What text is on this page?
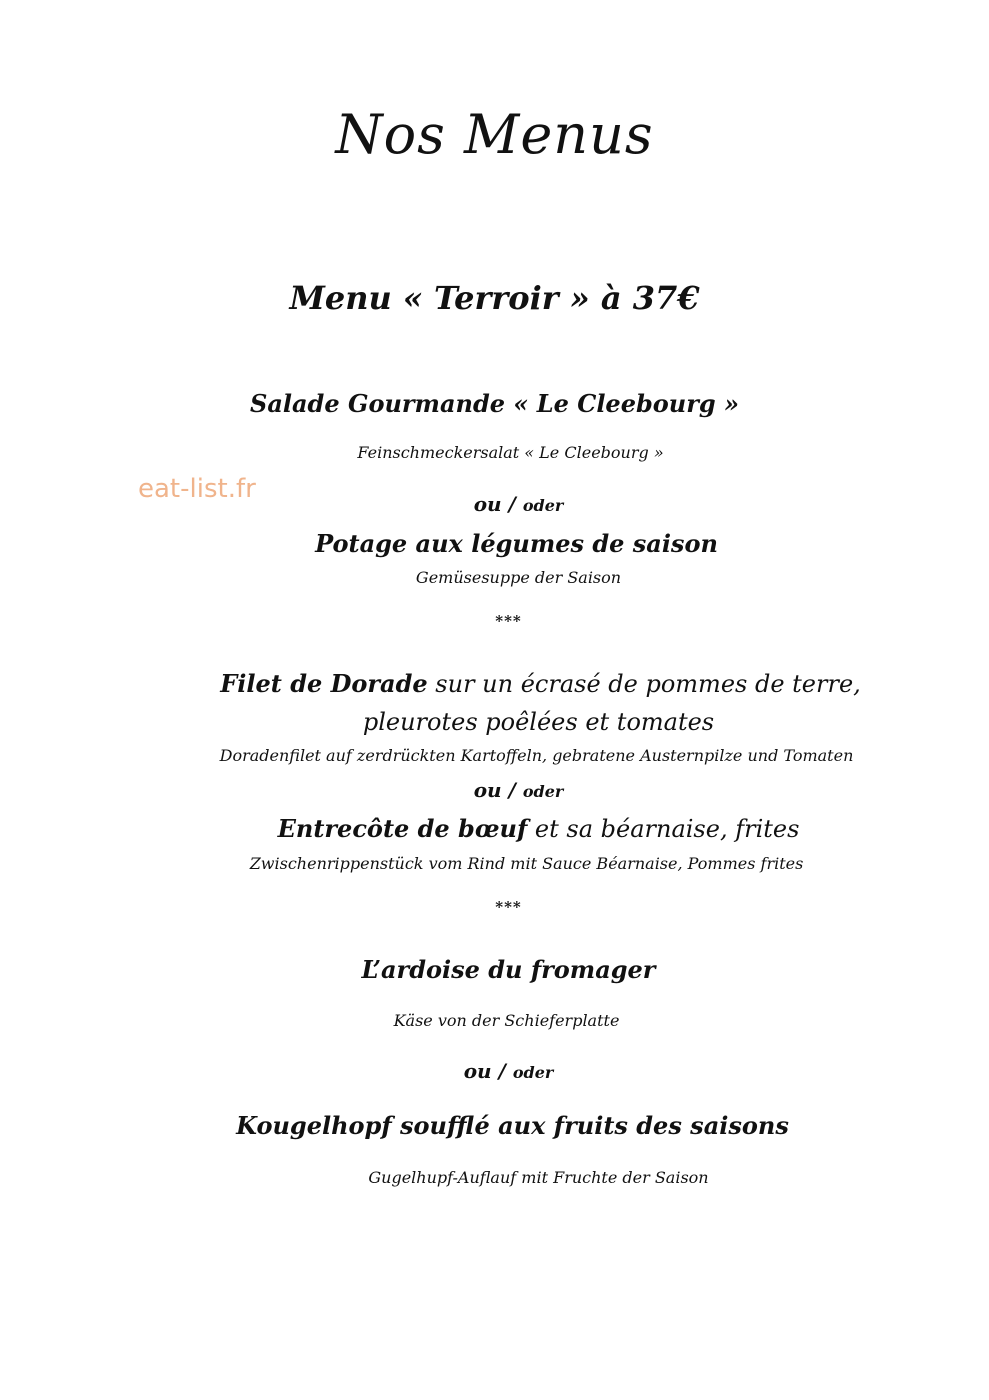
Nos Menus
Menu « Terroir » à 37€
Salade Gourmande « Le Cleebourg »
Feinschmeckersalat « Le Cleebourg »
eat-list.fr	ou / oder
Potage aux légumes de saison
Gemüsesuppe der Saison
***
Filet de Dorade sur un écrasé de pommes de terre,
pleurotes poêlées et tomates
Doradenfilet auf zerdrückten Kartoffeln, gebratene Austernpilze und Tomaten
ou / oder
Entrecôte de bœuf et sa béarnaise, frites
Zwischenrippenstück vom Rind mit Sauce Béarnaise, Pommes frites
***
L’ardoise du fromager
Käse von der Schieferplatte
ou / oder
Kougelhopf soufflé aux fruits des saisons
Gugelhupf-Auflauf mit Fruchte der Saison
